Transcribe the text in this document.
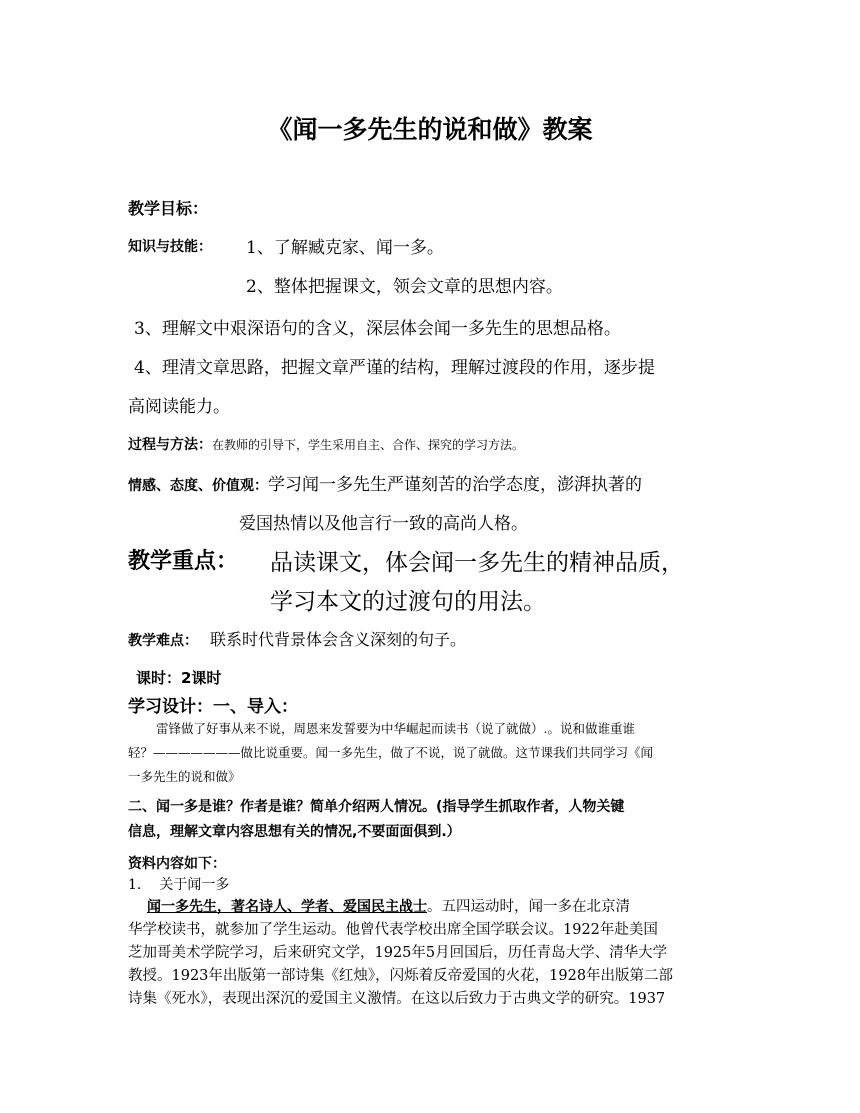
《闻一多先生的说和做》教案
教学目标：
知识与技能： 1、了解臧克家、闻一多。
2、整体把握课文，领会文章的思想内容。
3、理解文中艰深语句的含义，深层体会闻一多先生的思想品格。
4、理清文章思路，把握文章严谨的结构，理解过渡段的作用，逐步提
高阅读能力。
过程与方法：在教师的引导下，学生采用自主、合作、探究的学习方法。
情感、态度、价值观：学习闻一多先生严谨刻苦的治学态度，澎湃执著的
爱国热情以及他言行一致的高尚人格。
教学重点： 品读课文，体会闻一多先生的精神品质，
学习本文的过渡句的用法。
教学难点： 联系时代背景体会含义深刻的句子。
课时：2课时
学习设计：一、导入：
雷锋做了好事从来不说，周恩来发誓要为中华崛起而读书（说了就做）.。说和做谁重谁
轻？———————做比说重要。闻一多先生，做了不说，说了就做。这节课我们共同学习《闻
一多先生的说和做》
二、闻一多是谁？作者是谁？简单介绍两人情况。(指导学生抓取作者，人物关键
信息，理解文章内容思想有关的情况,不要面面俱到.）
资料内容如下：
1. 关于闻一多
闻一多先生，著名诗人、学者、爱国民主战士。五四运动时，闻一多在北京清
华学校读书，就参加了学生运动。他曾代表学校出席全国学联会议。1922年赴美国
芝加哥美术学院学习，后来研究文学，1925年5月回国后，历任青岛大学、清华大学
教授。1923年出版第一部诗集《红烛》，闪烁着反帝爱国的火花，1928年出版第二部
诗集《死水》，表现出深沉的爱国主义激情。在这以后致力于古典文学的研究。1937
